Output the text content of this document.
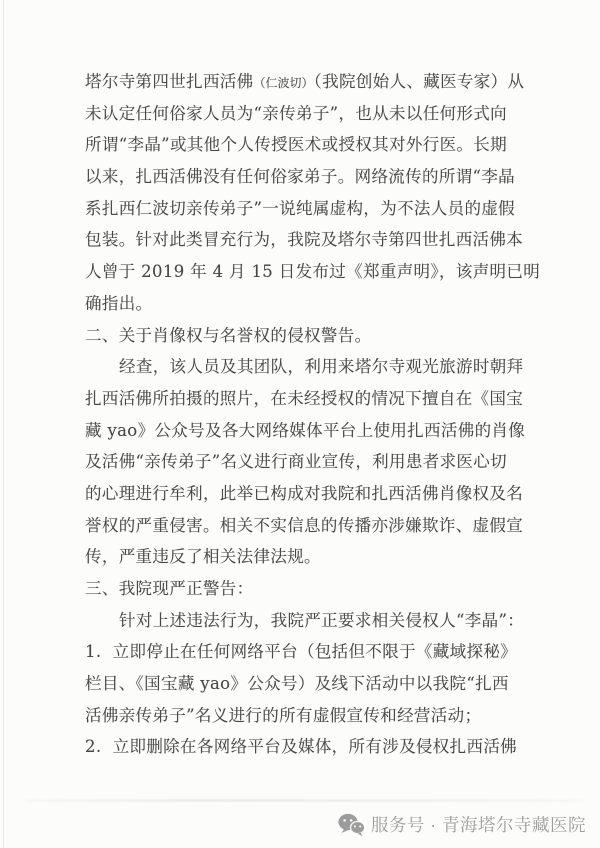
塔尔寺第四世扎西活佛（仁波切）（我院创始人、藏医专家）从
未认定任何俗家人员为“亲传弟子”，也从未以任何形式向
所谓“李晶”或其他个人传授医术或授权其对外行医。长期
以来，扎西活佛没有任何俗家弟子。网络流传的所谓“李晶
系扎西仁波切亲传弟子”一说纯属虚构，为不法人员的虚假
包装。针对此类冒充行为，我院及塔尔寺第四世扎西活佛本
人曾于 2019 年 4 月 15 日发布过《郑重声明》，该声明已明
确指出。
二、关于肖像权与名誉权的侵权警告。
经查，该人员及其团队，利用来塔尔寺观光旅游时朝拜
扎西活佛所拍摄的照片，在未经授权的情况下擅自在《国宝
藏 yao》公众号及各大网络媒体平台上使用扎西活佛的肖像
及活佛“亲传弟子”名义进行商业宣传，利用患者求医心切
的心理进行牟利，此举已构成对我院和扎西活佛肖像权及名
誉权的严重侵害。相关不实信息的传播亦涉嫌欺诈、虚假宣
传，严重违反了相关法律法规。
三、我院现严正警告：
针对上述违法行为，我院严正要求相关侵权人“李晶”：
1.  立即停止在任何网络平台（包括但不限于《藏域探秘》
栏目、《国宝藏 yao》公众号）及线下活动中以我院“扎西
活佛亲传弟子”名义进行的所有虚假宣传和经营活动；
2.  立即删除在各网络平台及媒体，所有涉及侵权扎西活佛
服务号 · 青海塔尔寺藏医院
